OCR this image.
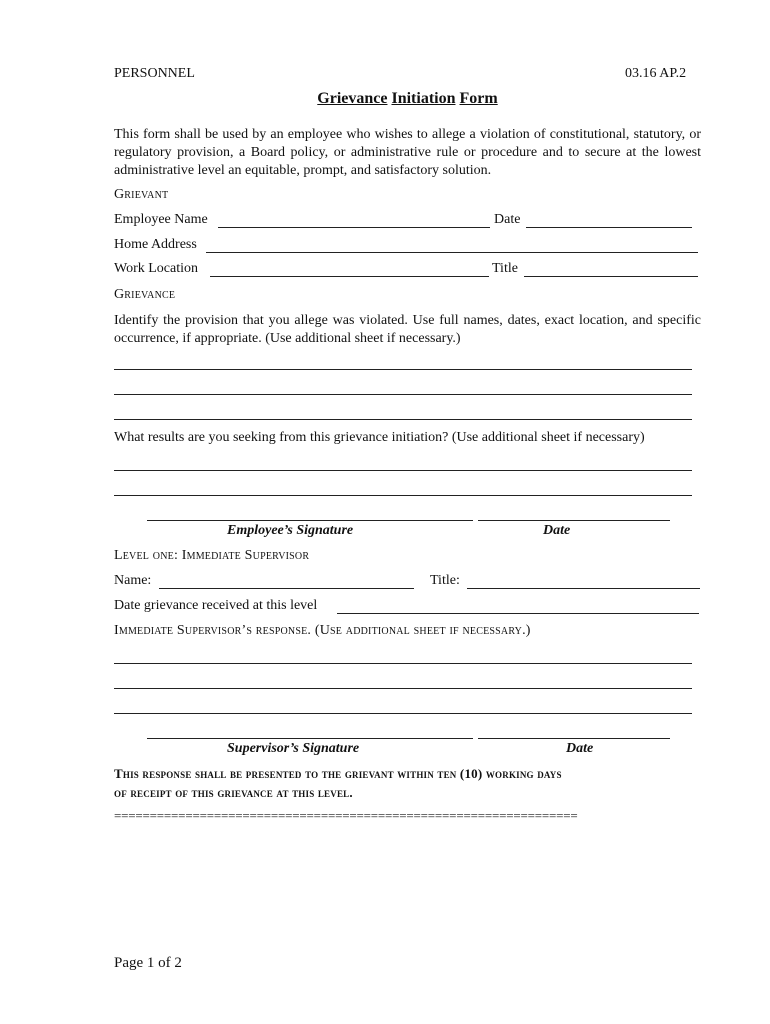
PERSONNEL	03.16 AP.2
Grievance Initiation Form
This form shall be used by an employee who wishes to allege a violation of constitutional, statutory, or regulatory provision, a Board policy, or administrative rule or procedure and to secure at the lowest administrative level an equitable, prompt, and satisfactory solution.
Grievant
Employee Name	Date
Home Address
Work Location	Title
Grievance
Identify the provision that you allege was violated. Use full names, dates, exact location, and specific occurrence, if appropriate. (Use additional sheet if necessary.)
What results are you seeking from this grievance initiation? (Use additional sheet if necessary)
Employee’s Signature	Date
Level one: Immediate Supervisor
Name:	Title:
Date grievance received at this level
Immediate Supervisor’s response. (Use additional sheet if necessary.)
Supervisor’s Signature	Date
This response shall be presented to the grievant within ten (10) working days
of receipt of this grievance at this level.
=================================================================
Page 1 of 2
